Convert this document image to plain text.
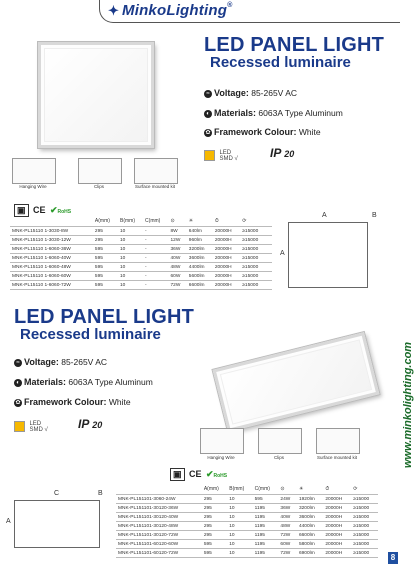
✦ MinkoLighting®
www.minkolighting.com
8
LED PANEL LIGHT
Recessed luminaire
≈ Voltage: 85-265V AC
◐ Materials: 6063A Type Aluminum
✿ Framework Colour: White
LED
SMD √	IP 20
Hanging Wire	Clips	Surface mounted kit
▣ CE ✔RoHS
	A(mm)	B(mm)	C(mm)	⊙	☀	⏱	⟳	
MNK-PL15110 1-3030-8W	295	10	-	8W	640lm	20000H	≥15000	
MNK-PL15110 1-3030-12W	295	10	-	12W	960lm	20000H	≥15000	
MNK-PL15110 1-6060-36W	595	10	-	36W	3200lm	20000H	≥15000	
MNK-PL15110 1-6060-40W	595	10	-	40W	3600lm	20000H	≥15000	
MNK-PL15110 1-6060-48W	595	10	-	48W	4400lm	20000H	≥15000	
MNK-PL15110 1-6060-60W	595	10	-	60W	5600lm	20000H	≥15000	
MNK-PL15110 1-6060-72W	595	10	-	72W	6600lm	20000H	≥15000	
A	B
A
LED PANEL LIGHT
Recessed luminaire
≈ Voltage: 85-265V AC
◐ Materials: 6063A Type Aluminum
✿ Framework Colour: White
LED
SMD √	IP 20
Hanging Wire	Clips	Surface mounted kit
▣ CE ✔RoHS
C	B
A
	A(mm)	B(mm)	C(mm)	⊙	☀	⏱	⟳
MNK-PL151101-3060-24W	295	10	595	24W	1920lm	20000H	≥15000
MNK-PL151101-30120-36W	295	10	1195	36W	3200lm	20000H	≥15000
MNK-PL151101-30120-40W	295	10	1195	40W	3600lm	20000H	≥15000
MNK-PL151101-30120-48W	295	10	1195	48W	4400lm	20000H	≥15000
MNK-PL151101-30120-72W	295	10	1195	72W	6600lm	20000H	≥15000
MNK-PL151101-60120-60W	595	10	1195	60W	5800lm	20000H	≥15000
MNK-PL151101-60120-72W	595	10	1195	72W	6900lm	20000H	≥15000
